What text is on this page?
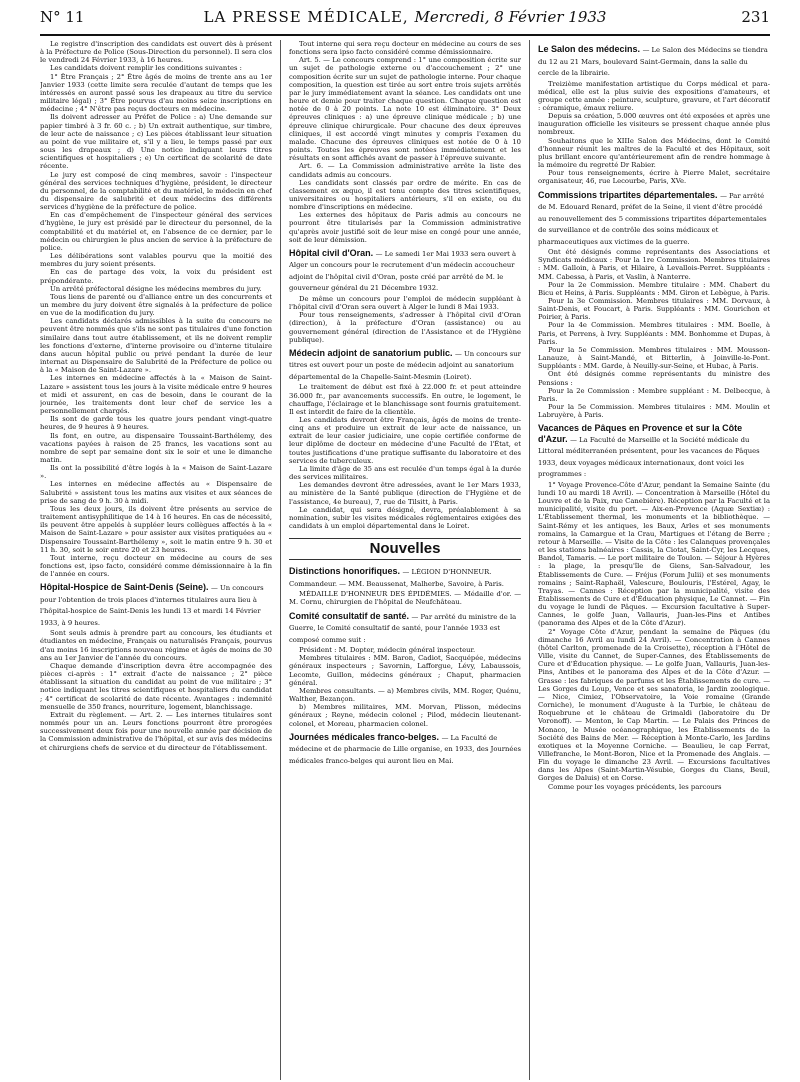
N° 11	LA PRESSE MÉDICALE, Mercredi, 8 Février 1933	231

Le registre d'inscription des candidats est ouvert dès à présent à la Préfecture de Police (Sous-Direction du personnel). Il sera clos le vendredi 24 Février 1933, à 16 heures.

Les candidats doivent remplir les conditions suivantes :

1° Être Français ; 2° Être âgés de moins de trente ans au 1er Janvier 1933 (cette limite sera reculée d'autant de temps que les intéressés en auront passé sous les drapeaux au titre du service militaire légal) ; 3° Être pourvus d'au moins seize inscriptions en médecine ; 4° N'être pas reçus docteurs en médecine.

Ils doivent adresser au Préfet de Police : a) Une demande sur papier timbré à 3 fr. 60 c. ; b) Un extrait authentique, sur timbre, de leur acte de naissance ; c) Les pièces établissant leur situation au point de vue militaire et, s'il y a lieu, le temps passé par eux sous les drapeaux ; d) Une notice indiquant leurs titres scientifiques et hospitaliers ; e) Un certificat de scolarité de date récente.

Le jury est composé de cinq membres, savoir : l'inspecteur général des services techniques d'hygiène, président, le directeur du personnel, de la comptabilité et du matériel, le médecin en chef du dispensaire de salubrité et deux médecins des différents services d'hygiène de la préfecture de police.

En cas d'empêchement de l'inspecteur général des services d'hygiène, le jury est présidé par le directeur du personnel, de la comptabilité et du matériel et, en l'absence de ce dernier, par le médecin ou chirurgien le plus ancien de service à la préfecture de police.

Les délibérations sont valables pourvu que la moitié des membres du jury soient présents.

En cas de partage des voix, la voix du président est prépondérante.

Un arrêté préfectoral désigne les médecins membres du jury.

Tous liens de parenté ou d'alliance entre un des concurrents et un membre du jury doivent être signalés à la préfecture de police en vue de la modification du jury.

Les candidats déclarés admissibles à la suite du concours ne peuvent être nommés que s'ils ne sont pas titulaires d'une fonction similaire dans tout autre établissement, et ils ne doivent remplir les fonctions d'externe, d'interne provisoire ou d'interne titulaire dans aucun hôpital public ou privé pendant la durée de leur internat au Dispensaire de Salubrité de la Préfecture de police ou à la « Maison de Saint-Lazare ».

Les internes en médecine affectés à la « Maison de Saint-Lazare » assistent tous les jours à la visite médicale entre 9 heures et midi et assurent, en cas de besoin, dans le courant de la journée, les traitements dont leur chef de service les a personnellement chargés.

Ils sont de garde tous les quatre jours pendant vingt-quatre heures, de 9 heures à 9 heures.

Ils font, en outre, au dispensaire Toussaint-Barthélemy, des vacations payées à raison de 25 francs, les vacations sont au nombre de sept par semaine dont six le soir et une le dimanche matin.

Ils ont la possibilité d'être logés à la « Maison de Saint-Lazare ».

Les internes en médecine affectés au « Dispensaire de Salubrité » assistent tous les matins aux visites et aux séances de prise de sang de 9 h. 30 à midi.

Tous les deux jours, ils doivent être présents au service de traitement antisyphilitique de 14 à 16 heures. En cas de nécessité, ils peuvent être appelés à suppléer leurs collègues affectés à la « Maison de Saint-Lazare » pour assister aux visites pratiquées au « Dispensaire Toussaint-Barthélemy », soit le matin entre 9 h. 30 et 11 h. 30, soit le soir entre 20 et 23 heures.

Tout interne, reçu docteur en médecine au cours de ses fonctions est, ipso facto, considéré comme démissionnaire à la fin de l'année en cours.

Hôpital-Hospice de Saint-Denis (Seine). — Un concours pour l'obtention de trois places d'internes titulaires aura lieu à l'hôpital-hospice de Saint-Denis les lundi 13 et mardi 14 Février 1933, à 9 heures.

Sont seuls admis à prendre part au concours, les étudiants et étudiantes en médecine, Français ou naturalisés Français, pourvus d'au moins 16 inscriptions nouveau régime et âgés de moins de 30 ans au 1er Janvier de l'année du concours.

Chaque demande d'inscription devra être accompagnée des pièces ci-après : 1° extrait d'acte de naissance ; 2° pièce établissant la situation du candidat au point de vue militaire ; 3° notice indiquant les titres scientifiques et hospitaliers du candidat ; 4° certificat de scolarité de date récente. Avantages : indemnité mensuelle de 350 francs, nourriture, logement, blanchissage.

Extrait du règlement. — Art. 2. — Les internes titulaires sont nommés pour un an. Leurs fonctions pourront être prorogées successivement deux fois pour une nouvelle année par décision de la Commission administrative de l'hôpital, et sur avis des médecins et chirurgiens chefs de service et du directeur de l'établissement.

Tout interne qui sera reçu docteur en médecine au cours de ses fonctions sera ipso facto considéré comme démissionnaire.

Art. 5. — Le concours comprend : 1° une composition écrite sur un sujet de pathologie externe ou d'accouchement ; 2° une composition écrite sur un sujet de pathologie interne. Pour chaque composition, la question est tirée au sort entre trois sujets arrêtés par le jury immédiatement avant la séance. Les candidats ont une heure et demie pour traiter chaque question. Chaque question est notée de 0 à 20 points. La note 10 est éliminatoire. 3° Deux épreuves cliniques : a) une épreuve clinique médicale ; b) une épreuve clinique chirurgicale. Pour chacune des deux épreuves cliniques, il est accordé vingt minutes y compris l'examen du malade. Chacune des épreuves cliniques est notée de 0 à 10 points. Toutes les épreuves sont notées immédiatement et les résultats en sont affichés avant de passer à l'épreuve suivante.

Art. 6. — La Commission administrative arrête la liste des candidats admis au concours.

Les candidats sont classés par ordre de mérite. En cas de classement ex æquo, il est tenu compte des titres scientifiques, universitaires ou hospitaliers antérieurs, s'il en existe, ou du nombre d'inscriptions en médecine.

Les externes des hôpitaux de Paris admis au concours ne pourront être titularisés par la Commission administrative qu'après avoir justifié soit de leur mise en congé pour une année, soit de leur démission.

Hôpital civil d'Oran. — Le samedi 1er Mai 1933 sera ouvert à Alger un concours pour le recrutement d'un médecin accoucheur adjoint de l'hôpital civil d'Oran, poste créé par arrêté de M. le gouverneur général du 21 Décembre 1932.

De même un concours pour l'emploi de médecin suppléant à l'hôpital civil d'Oran sera ouvert à Alger le lundi 8 Mai 1933.

Pour tous renseignements, s'adresser à l'hôpital civil d'Oran (direction), à la préfecture d'Oran (assistance) ou au gouvernement général (direction de l'Assistance et de l'Hygiène publique).

Médecin adjoint de sanatorium public. — Un concours sur titres est ouvert pour un poste de médecin adjoint au sanatorium départemental de la Chapelle-Saint-Mesmin (Loiret).

Le traitement de début est fixé à 22.000 fr. et peut atteindre 36.000 fr., par avancements successifs. En outre, le logement, le chauffage, l'éclairage et le blanchissage sont fournis gratuitement. Il est interdit de faire de la clientèle.

Les candidats devront être Français, âgés de moins de trente-cinq ans et produire un extrait de leur acte de naissance, un extrait de leur casier judiciaire, une copie certifiée conforme de leur diplôme de docteur en médecine d'une Faculté de l'État, et toutes justifications d'une pratique suffisante du laboratoire et des services de tuberculeux.

La limite d'âge de 35 ans est reculée d'un temps égal à la durée des services militaires.

Les demandes devront être adressées, avant le 1er Mars 1933, au ministère de la Santé publique (direction de l'Hygiène et de l'assistance, 4e bureau), 7, rue de Tilsitt, à Paris.

Le candidat, qui sera désigné, devra, préalablement à sa nomination, subir les visites médicales réglementaires exigées des candidats à un emploi départemental dans le Loiret.

Nouvelles
Distinctions honorifiques. — LÉGION D'HONNEUR. Commandeur. — MM. Beaussenat, Malherbe, Savoire, à Paris.

MÉDAILLE D'HONNEUR DES ÉPIDÉMIES. — Médaille d'or. — M. Cornu, chirurgien de l'hôpital de Neufchâteau.

Comité consultatif de santé. — Par arrêté du ministre de la Guerre, le Comité consultatif de santé, pour l'année 1933 est composé comme suit :

Président : M. Dopter, médecin général inspecteur.

Membres titulaires : MM. Baron, Cadiot, Sacquépée, médecins généraux inspecteurs ; Savornin, Lafforgue, Lévy, Labaussois, Lecomte, Guillon, médecins généraux ; Chaput, pharmacien général.

Membres consultants. — a) Membres civils, MM. Roger, Quénu, Walther, Bezançon.

b) Membres militaires, MM. Morvan, Plisson, médecins généraux ; Reyne, médecin colonel ; Pilod, médecin lieutenant-colonel, et Moreau, pharmacien colonel.

Journées médicales franco-belges. — La Faculté de médecine et de pharmacie de Lille organise, en 1933, des Journées médicales franco-belges qui auront lieu en Mai.
Le Salon des médecins. — Le Salon des Médecins se tiendra du 12 au 21 Mars, boulevard Saint-Germain, dans la salle du cercle de la librairie.

Treizième manifestation artistique du Corps médical et para-médical, elle est la plus suivie des expositions d'amateurs, et groupe cette année : peinture, sculpture, gravure, et l'art décoratif : céramique, émaux reliure.

Depuis sa création, 5.000 œuvres ont été exposées et après une inauguration officielle les visiteurs se pressent chaque année plus nombreux.

Souhaitons que le XIIIe Salon des Médecins, dont le Comité d'honneur réunit les maîtres de la Faculté et des Hôpitaux, soit plus brillant encore qu'antérieurement afin de rendre hommage à la mémoire du regretté Dr Rabier.

Pour tous renseignements, écrire à Pierre Malet, secrétaire organisateur, 46, rue Lecourbe, Paris, XVe.

Commissions tripartites départementales. — Par arrêté de M. Edouard Renard, préfet de la Seine, il vient d'être procédé au renouvellement des 5 commissions tripartites départementales de surveillance et de contrôle des soins médicaux et pharmaceutiques aux victimes de la guerre.

Ont été désignés comme représentants des Associations et Syndicats médicaux : Pour la 1re Commission. Membres titulaires : MM. Galloin, à Paris, et Hilaire, à Levallois-Perret. Suppléants : MM. Cabessa, à Paris, et Vaslin, à Nanterre.

Pour la 2e Commission. Membre titulaire : MM. Chabert du Bicu et Heins, à Paris. Suppléants : MM. Giron et Lebègue, à Paris.

Pour la 3e Commission. Membres titulaires : MM. Dorvaux, à Saint-Denis, et Foucart, à Paris. Suppléants : MM. Gourichon et Poirier, à Paris.

Pour la 4e Commission. Membres titulaires : MM. Boelle, à Paris, et Perrens, à Ivry. Suppléants : MM. Bonhomme et Dupas, à Paris.

Pour la 5e Commission. Membres titulaires : MM. Mousson-Lanauze, à Saint-Mandé, et Bitterlin, à Joinville-le-Pont. Suppléants : MM. Garde, à Neuilly-sur-Seine, et Hubac, à Paris.

Ont été désignés comme représentants du ministre des Pensions :

Pour la 2e Commission : Membre suppléant : M. Delbecque, à Paris.

Pour la 5e Commission. Membres titulaires : MM. Moulin et Labruyère, à Paris.

Vacances de Pâques en Provence et sur la Côte d'Azur. — La Faculté de Marseille et la Société médicale du Littoral méditerranéen présentent, pour les vacances de Pâques 1933, deux voyages médicaux internationaux, dont voici les programmes :

1° Voyage Provence-Côte d'Azur, pendant la Semaine Sainte (du lundi 10 au mardi 18 Avril). — Concentration à Marseille (Hôtel du Louvre et de la Paix, rue Canebière). Réception par la Faculté et la municipalité, visite du port. — Aix-en-Provence (Aquæ Sextiæ) : L'Établissement thermal, les monuments et la bibliothèque. — Saint-Rémy et les antiques, les Baux, Arles et ses monuments romains, la Camargue et la Crau, Martigues et l'étang de Berre ; retour à Marseille. — Visite de la Côte : les Calanques provençales et les stations balnéaires : Cassis, la Ciotat, Saint-Cyr, les Lecques, Bandol, Tamaris. — Le port militaire de Toulon. — Séjour à Hyères : la plage, la presqu'île de Giens, San-Salvadour, les Établissements de Cure. — Fréjus (Forum Julii) et ses monuments romains ; Saint-Raphaël, Valescure, Boulouris, l'Estérel, Agay, le Trayas. — Cannes : Réception par la municipalité, visite des Établissements de Cure et d'Éducation physique, Le Cannet. — Fin du voyage le lundi de Pâques. — Excursion facultative à Super-Cannes, le golfe Juan, Vallauris, Juan-les-Pins et Antibes (panorama des Alpes et de la Côte d'Azur).

2° Voyage Côte d'Azur, pendant la semaine de Pâques (du dimanche 16 Avril au lundi 24 Avril). — Concentration à Cannes (hôtel Carlton, promenade de la Croisette), réception à l'Hôtel de Ville, visite du Cannet, de Super-Cannes, des Établissements de Cure et d'Éducation physique. — Le golfe Juan, Vallauris, Juan-les-Pins, Antibes et le panorama des Alpes et de la Côte d'Azur. — Grasse : les fabriques de parfums et les Établissements de cure. — Les Gorges du Loup, Vence et ses sanatoria, le Jardin zoologique. — Nice, Cimiez, l'Observatoire, la Voie romaine (Grande Corniche), le monument d'Auguste à la Turbie, le château de Roquebrune et le château de Grimaldi (laboratoire du Dr Voronoff). — Menton, le Cap Martin. — Le Palais des Princes de Monaco, le Musée océanographique, les Établissements de la Société des Bains de Mer. — Réception à Monte-Carlo, les Jardins exotiques et la Moyenne Corniche. — Beaulieu, le cap Ferrat, Villefranche, le Mont-Boron, Nice et la Promenade des Anglais. — Fin du voyage le dimanche 23 Avril. — Excursions facultatives dans les Alpes (Saint-Martin-Vésubie, Gorges du Cians, Beuil, Gorges de Daluis) et en Corse.

Comme pour les voyages précédents, les parcours
